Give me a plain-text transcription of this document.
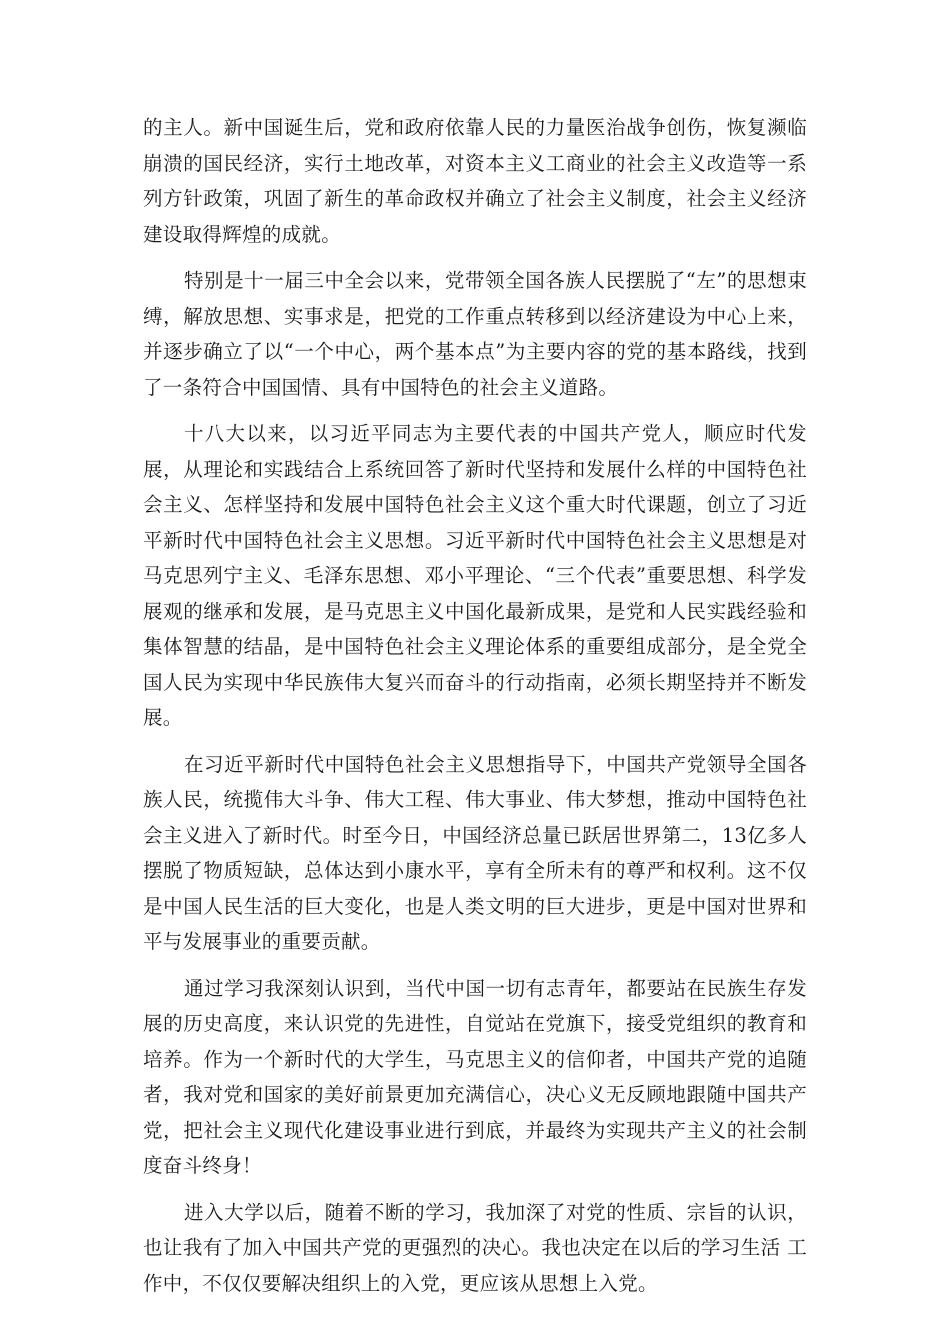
的主人。新中国诞生后，党和政府依靠人民的力量医治战争创伤，恢复濒临崩溃的国民经济，实行土地改革，对资本主义工商业的社会主义改造等一系列方针政策，巩固了新生的革命政权并确立了社会主义制度，社会主义经济建设取得辉煌的成就。

特别是十一届三中全会以来，党带领全国各族人民摆脱了“左”的思想束缚，解放思想、实事求是，把党的工作重点转移到以经济建设为中心上来，并逐步确立了以“一个中心，两个基本点”为主要内容的党的基本路线，找到了一条符合中国国情、具有中国特色的社会主义道路。

十八大以来，以习近平同志为主要代表的中国共产党人，顺应时代发展，从理论和实践结合上系统回答了新时代坚持和发展什么样的中国特色社会主义、怎样坚持和发展中国特色社会主义这个重大时代课题，创立了习近平新时代中国特色社会主义思想。习近平新时代中国特色社会主义思想是对马克思列宁主义、毛泽东思想、邓小平理论、“三个代表”重要思想、科学发展观的继承和发展，是马克思主义中国化最新成果，是党和人民实践经验和集体智慧的结晶，是中国特色社会主义理论体系的重要组成部分，是全党全国人民为实现中华民族伟大复兴而奋斗的行动指南，必须长期坚持并不断发展。

在习近平新时代中国特色社会主义思想指导下，中国共产党领导全国各族人民，统揽伟大斗争、伟大工程、伟大事业、伟大梦想，推动中国特色社会主义进入了新时代。时至今日，中国经济总量已跃居世界第二，13亿多人摆脱了物质短缺，总体达到小康水平，享有全所未有的尊严和权利。这不仅是中国人民生活的巨大变化，也是人类文明的巨大进步，更是中国对世界和平与发展事业的重要贡献。

通过学习我深刻认识到，当代中国一切有志青年，都要站在民族生存发展的历史高度，来认识党的先进性，自觉站在党旗下，接受党组织的教育和培养。作为一个新时代的大学生，马克思主义的信仰者，中国共产党的追随者，我对党和国家的美好前景更加充满信心，决心义无反顾地跟随中国共产党，把社会主义现代化建设事业进行到底，并最终为实现共产主义的社会制度奋斗终身！

进入大学以后，随着不断的学习，我加深了对党的性质、宗旨的认识，也让我有了加入中国共产党的更强烈的决心。我也决定在以后的学习生活 工作中，不仅仅要解决组织上的入党，更应该从思想上入党。
